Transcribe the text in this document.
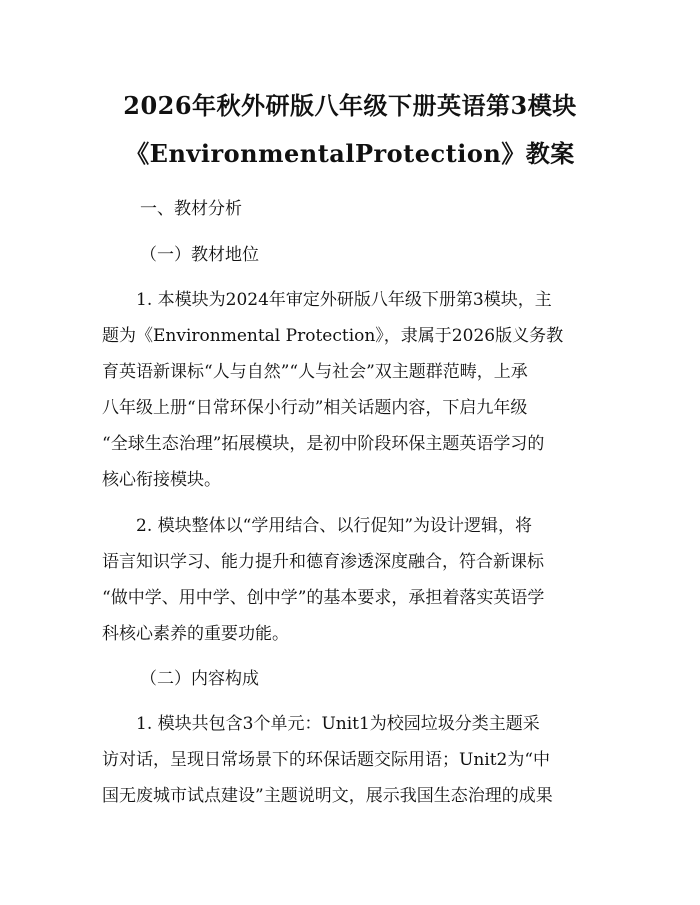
2026年秋外研版八年级下册英语第3模块
《EnvironmentalProtection》教案
一、教材分析
（一）教材地位
　　1. 本模块为2024年审定外研版八年级下册第3模块，主
题为《Environmental Protection》，隶属于2026版义务教
育英语新课标“人与自然”“人与社会”双主题群范畴，上承
八年级上册“日常环保小行动”相关话题内容，下启九年级
“全球生态治理”拓展模块，是初中阶段环保主题英语学习的
核心衔接模块。
　　2. 模块整体以“学用结合、以行促知”为设计逻辑，将
语言知识学习、能力提升和德育渗透深度融合，符合新课标
“做中学、用中学、创中学”的基本要求，承担着落实英语学
科核心素养的重要功能。
（二）内容构成
　　1. 模块共包含3个单元：Unit1为校园垃圾分类主题采
访对话，呈现日常场景下的环保话题交际用语；Unit2为“中
国无废城市试点建设”主题说明文，展示我国生态治理的成果
